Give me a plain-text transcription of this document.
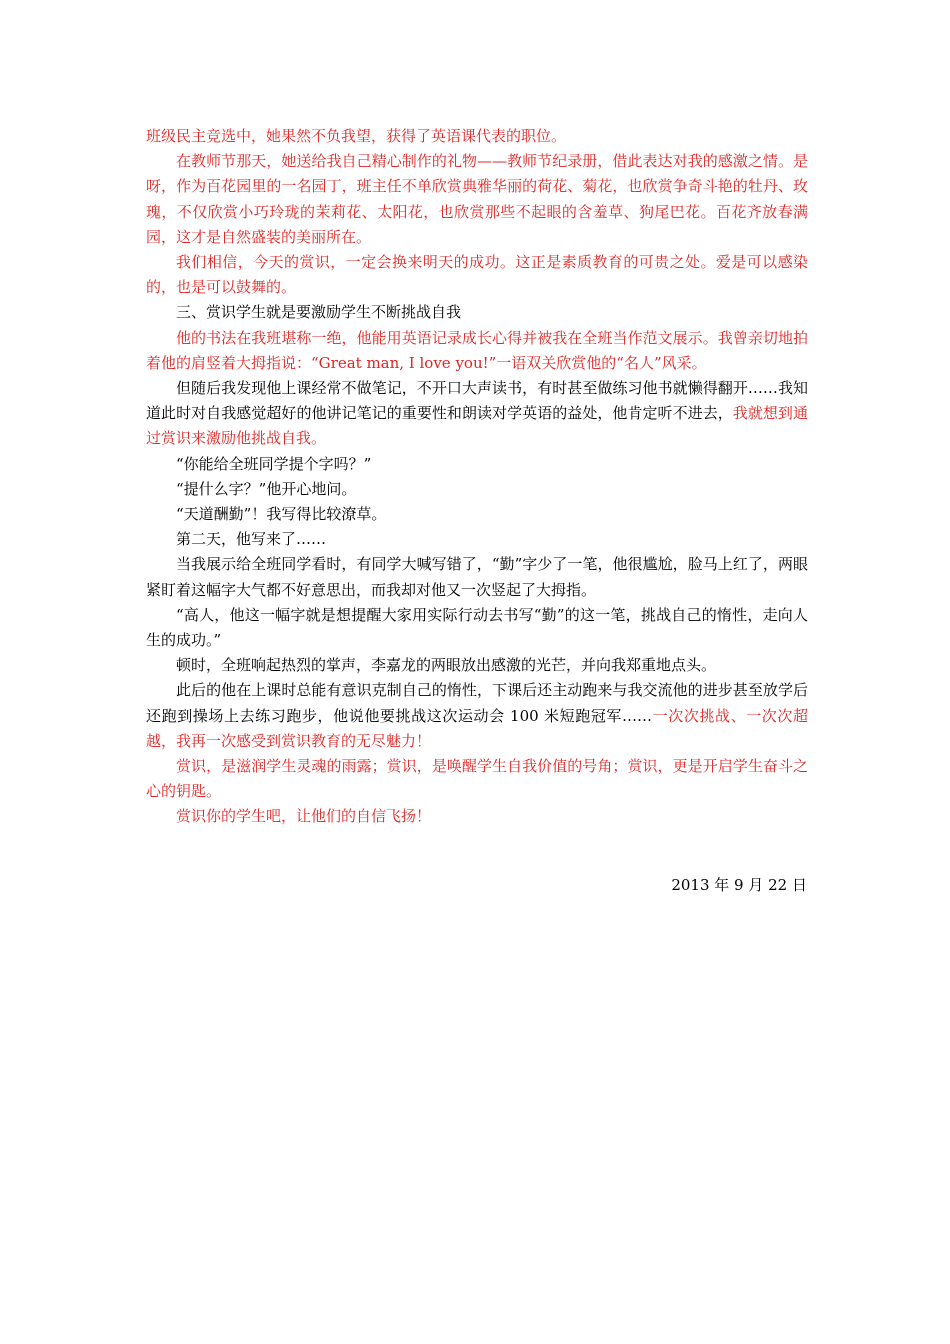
班级民主竞选中，她果然不负我望，获得了英语课代表的职位。

在教师节那天，她送给我自己精心制作的礼物——教师节纪录册，借此表达对我的感激之情。是呀，作为百花园里的一名园丁，班主任不单欣赏典雅华丽的荷花、菊花，也欣赏争奇斗艳的牡丹、玫瑰，不仅欣赏小巧玲珑的茉莉花、太阳花，也欣赏那些不起眼的含羞草、狗尾巴花。百花齐放春满园，这才是自然盛装的美丽所在。

我们相信，今天的赏识，一定会换来明天的成功。这正是素质教育的可贵之处。爱是可以感染的，也是可以鼓舞的。

三、赏识学生就是要激励学生不断挑战自我

他的书法在我班堪称一绝，他能用英语记录成长心得并被我在全班当作范文展示。我曾亲切地拍着他的肩竖着大拇指说：“Great man, I love you!”一语双关欣赏他的“名人”风采。

但随后我发现他上课经常不做笔记，不开口大声读书，有时甚至做练习他书就懒得翻开……我知道此时对自我感觉超好的他讲记笔记的重要性和朗读对学英语的益处，他肯定听不进去，我就想到通过赏识来激励他挑战自我。

“你能给全班同学提个字吗？”

“提什么字？”他开心地问。

“天道酬勤”！我写得比较潦草。

第二天，他写来了……

当我展示给全班同学看时，有同学大喊写错了，“勤”字少了一笔，他很尴尬，脸马上红了，两眼紧盯着这幅字大气都不好意思出，而我却对他又一次竖起了大拇指。

“高人，他这一幅字就是想提醒大家用实际行动去书写“勤”的这一笔，挑战自己的惰性，走向人生的成功。”

顿时，全班响起热烈的掌声，李嘉龙的两眼放出感激的光芒，并向我郑重地点头。

此后的他在上课时总能有意识克制自己的惰性，下课后还主动跑来与我交流他的进步甚至放学后还跑到操场上去练习跑步，他说他要挑战这次运动会 100 米短跑冠军……一次次挑战、一次次超越，我再一次感受到赏识教育的无尽魅力！

赏识，是滋润学生灵魂的雨露；赏识，是唤醒学生自我价值的号角；赏识，更是开启学生奋斗之心的钥匙。

赏识你的学生吧，让他们的自信飞扬！

2013 年 9 月 22 日
